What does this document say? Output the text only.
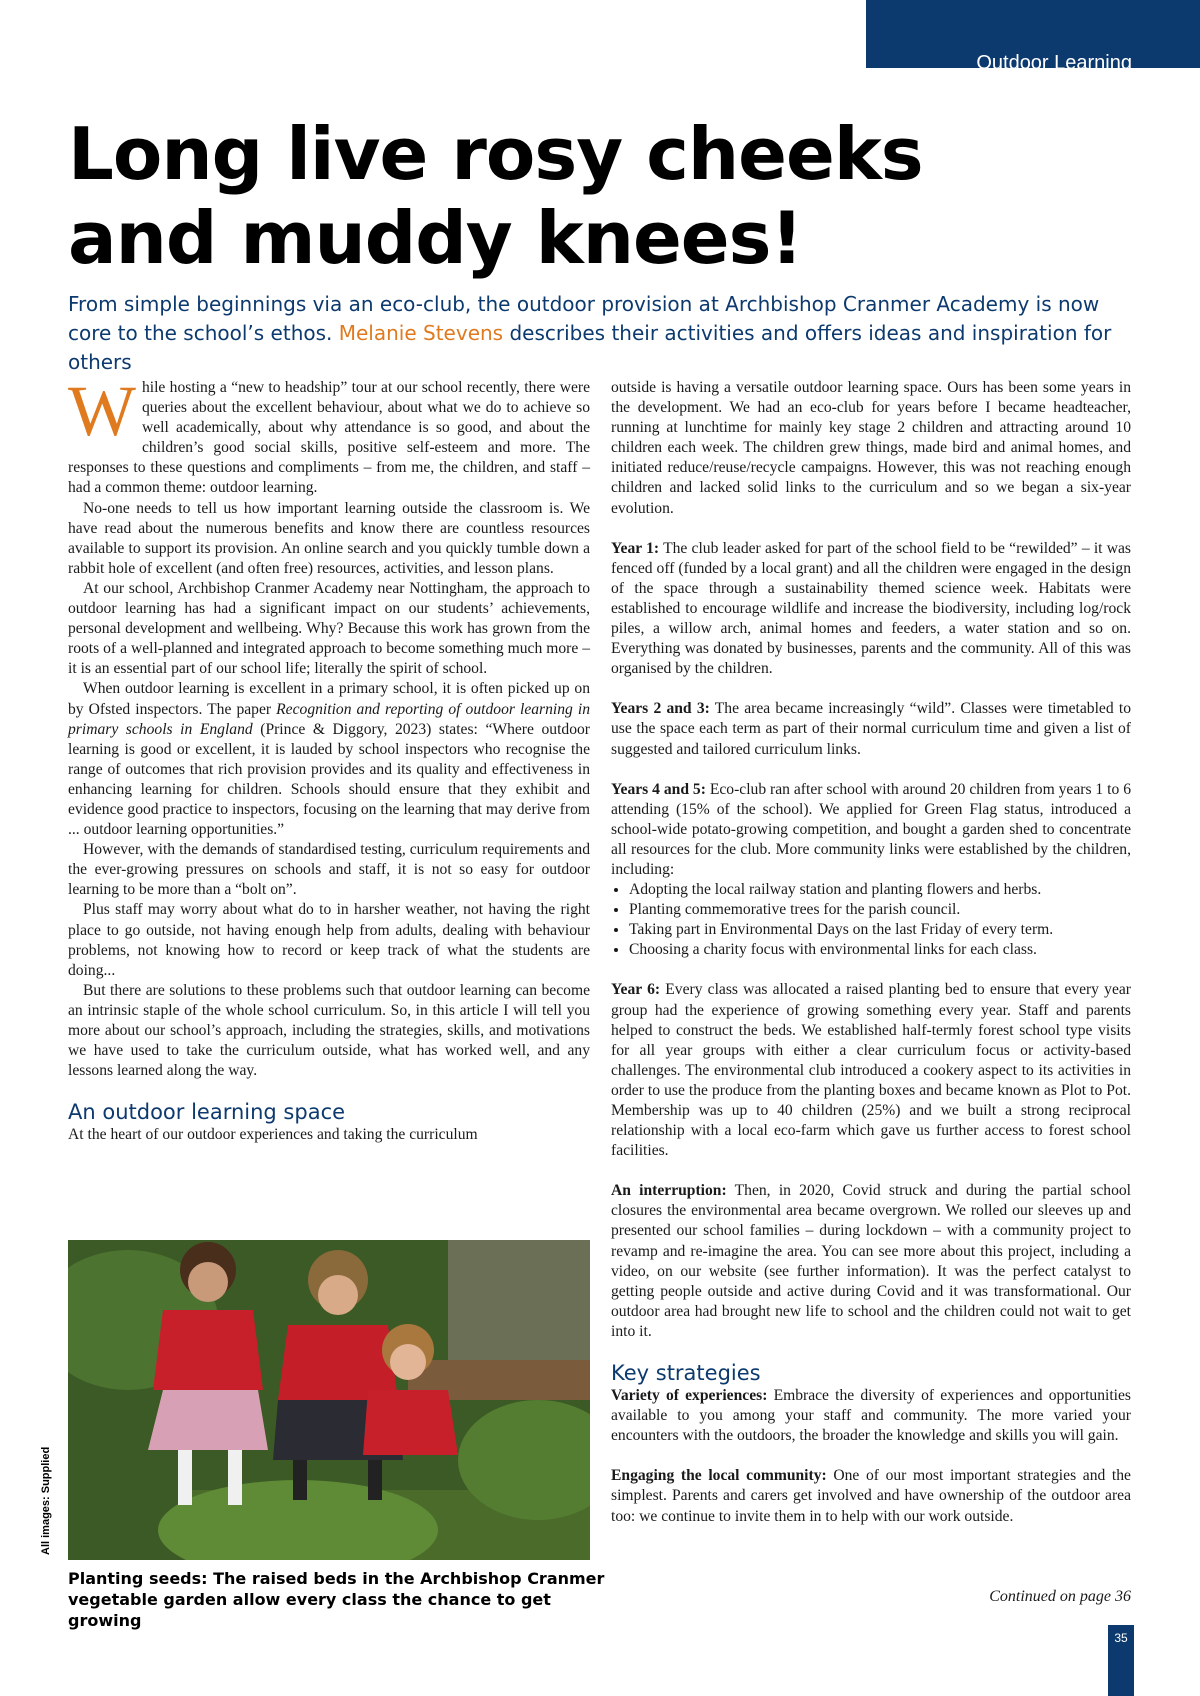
Outdoor Learning
Long live rosy cheeks and muddy knees!

From simple beginnings via an eco-club, the outdoor provision at Archbishop Cranmer Academy is now core to the school’s ethos. Melanie Stevens describes their activities and offers ideas and inspiration for others

While hosting a “new to headship” tour at our school recently, there were queries about the excellent behaviour, about what we do to achieve so well academically, about why attendance is so good, and about the children’s good social skills, positive self-esteem and more. The responses to these questions and compliments – from me, the children, and staff – had a common theme: outdoor learning.

No-one needs to tell us how important learning outside the classroom is. We have read about the numerous benefits and know there are countless resources available to support its provision. An online search and you quickly tumble down a rabbit hole of excellent (and often free) resources, activities, and lesson plans.

At our school, Archbishop Cranmer Academy near Nottingham, the approach to outdoor learning has had a significant impact on our students’ achievements, personal development and wellbeing. Why? Because this work has grown from the roots of a well-planned and integrated approach to become something much more – it is an essential part of our school life; literally the spirit of school.

When outdoor learning is excellent in a primary school, it is often picked up on by Ofsted inspectors. The paper Recognition and reporting of outdoor learning in primary schools in England (Prince & Diggory, 2023) states: “Where outdoor learning is good or excellent, it is lauded by school inspectors who recognise the range of outcomes that rich provision provides and its quality and effectiveness in enhancing learning for children. Schools should ensure that they exhibit and evidence good practice to inspectors, focusing on the learning that may derive from ... outdoor learning opportunities.”

However, with the demands of standardised testing, curriculum requirements and the ever-growing pressures on schools and staff, it is not so easy for outdoor learning to be more than a “bolt on”.

Plus staff may worry about what do to in harsher weather, not having the right place to go outside, not having enough help from adults, dealing with behaviour problems, not knowing how to record or keep track of what the students are doing...

But there are solutions to these problems such that outdoor learning can become an intrinsic staple of the whole school curriculum. So, in this article I will tell you more about our school’s approach, including the strategies, skills, and motivations we have used to take the curriculum outside, what has worked well, and any lessons learned along the way.

An outdoor learning space

At the heart of our outdoor experiences and taking the curriculum

All images: Supplied

Planting seeds: The raised beds in the Archbishop Cranmer vegetable garden allow every class the chance to get growing

outside is having a versatile outdoor learning space. Ours has been some years in the development. We had an eco-club for years before I became headteacher, running at lunchtime for mainly key stage 2 children and attracting around 10 children each week. The children grew things, made bird and animal homes, and initiated reduce/reuse/recycle campaigns. However, this was not reaching enough children and lacked solid links to the curriculum and so we began a six-year evolution.

Year 1: The club leader asked for part of the school field to be “rewilded” – it was fenced off (funded by a local grant) and all the children were engaged in the design of the space through a sustainability themed science week. Habitats were established to encourage wildlife and increase the biodiversity, including log/rock piles, a willow arch, animal homes and feeders, a water station and so on. Everything was donated by businesses, parents and the community. All of this was organised by the children.

Years 2 and 3: The area became increasingly “wild”. Classes were timetabled to use the space each term as part of their normal curriculum time and given a list of suggested and tailored curriculum links.

Years 4 and 5: Eco-club ran after school with around 20 children from years 1 to 6 attending (15% of the school). We applied for Green Flag status, introduced a school-wide potato-growing competition, and bought a garden shed to concentrate all resources for the club. More community links were established by the children, including:

• Adopting the local railway station and planting flowers and herbs.
• Planting commemorative trees for the parish council.
• Taking part in Environmental Days on the last Friday of every term.
• Choosing a charity focus with environmental links for each class.

Year 6: Every class was allocated a raised planting bed to ensure that every year group had the experience of growing something every year. Staff and parents helped to construct the beds. We established half-termly forest school type visits for all year groups with either a clear curriculum focus or activity-based challenges. The environmental club introduced a cookery aspect to its activities in order to use the produce from the planting boxes and became known as Plot to Pot. Membership was up to 40 children (25%) and we built a strong reciprocal relationship with a local eco-farm which gave us further access to forest school facilities.

An interruption: Then, in 2020, Covid struck and during the partial school closures the environmental area became overgrown. We rolled our sleeves up and presented our school families – during lockdown – with a community project to revamp and re-imagine the area. You can see more about this project, including a video, on our website (see further information). It was the perfect catalyst to getting people outside and active during Covid and it was transformational. Our outdoor area had brought new life to school and the children could not wait to get into it.

Key strategies

Variety of experiences: Embrace the diversity of experiences and opportunities available to you among your staff and community. The more varied your encounters with the outdoors, the broader the knowledge and skills you will gain.

Engaging the local community: One of our most important strategies and the simplest. Parents and carers get involved and have ownership of the outdoor area too: we continue to invite them in to help with our work outside.

Continued on page 36

35
